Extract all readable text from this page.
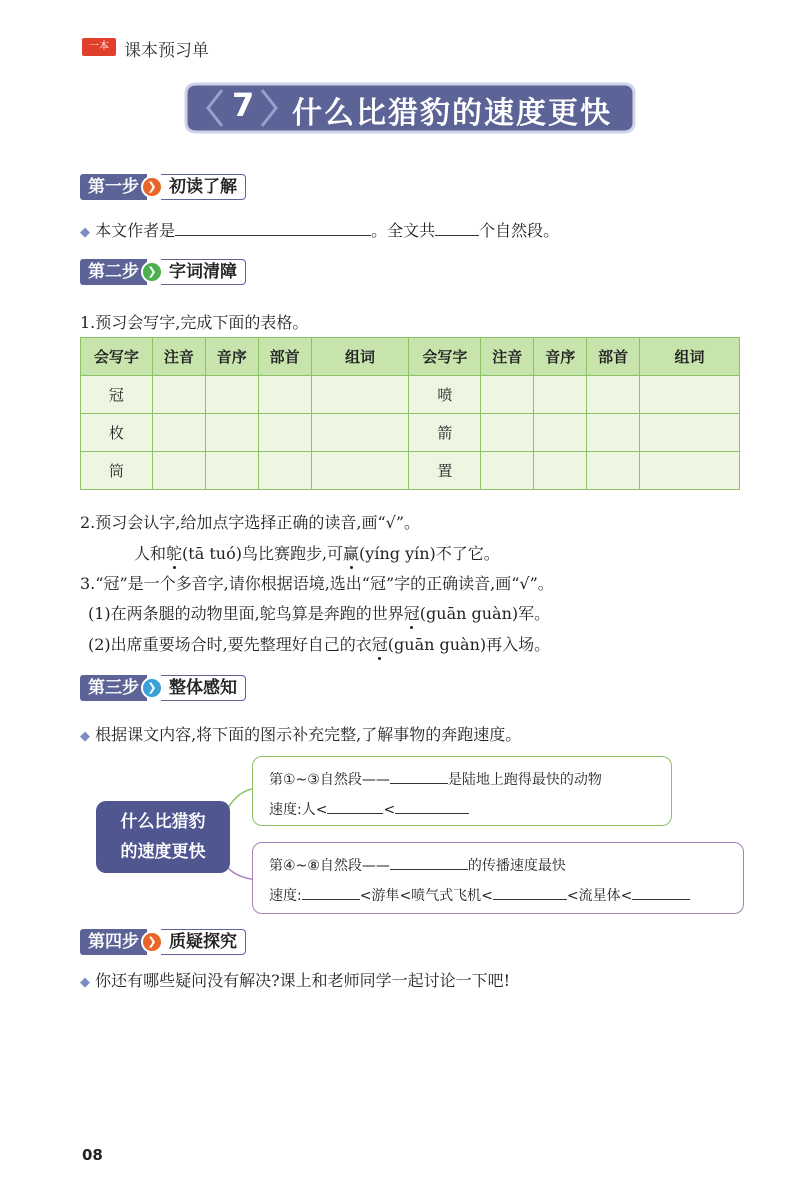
一本 课本预习单
7 什么比猎豹的速度更快
第一步 ❯ 初读了解
◆ 本文作者是	。全文共	个自然段。
第二步 ❯ 字词清障
1.预习会写字,完成下面的表格。
会写字	注音	音序	部首	组词	会写字	注音	音序	部首	组词
冠					喷				
枚					箭				
筒					置				
2.预习会认字,给加点字选择正确的读音,画“√”。
人和鸵(tā tuó)鸟比赛跑步,可赢(yíng yín)不了它。
3.“冠”是一个多音字,请你根据语境,选出“冠”字的正确读音,画“√”。
(1)在两条腿的动物里面,鸵鸟算是奔跑的世界冠(guān guàn)军。
(2)出席重要场合时,要先整理好自己的衣冠(guān guàn)再入场。
第三步 ❯ 整体感知
◆ 根据课文内容,将下面的图示补充完整,了解事物的奔跑速度。
第①~③自然段——	是陆地上跑得最快的动物
速度:人<	<
什么比猎豹
的速度更快
第④~⑧自然段——	的传播速度最快
速度:	<游隼<喷气式飞机<	<流星体<
第四步 ❯ 质疑探究
◆ 你还有哪些疑问没有解决?课上和老师同学一起讨论一下吧!
08
